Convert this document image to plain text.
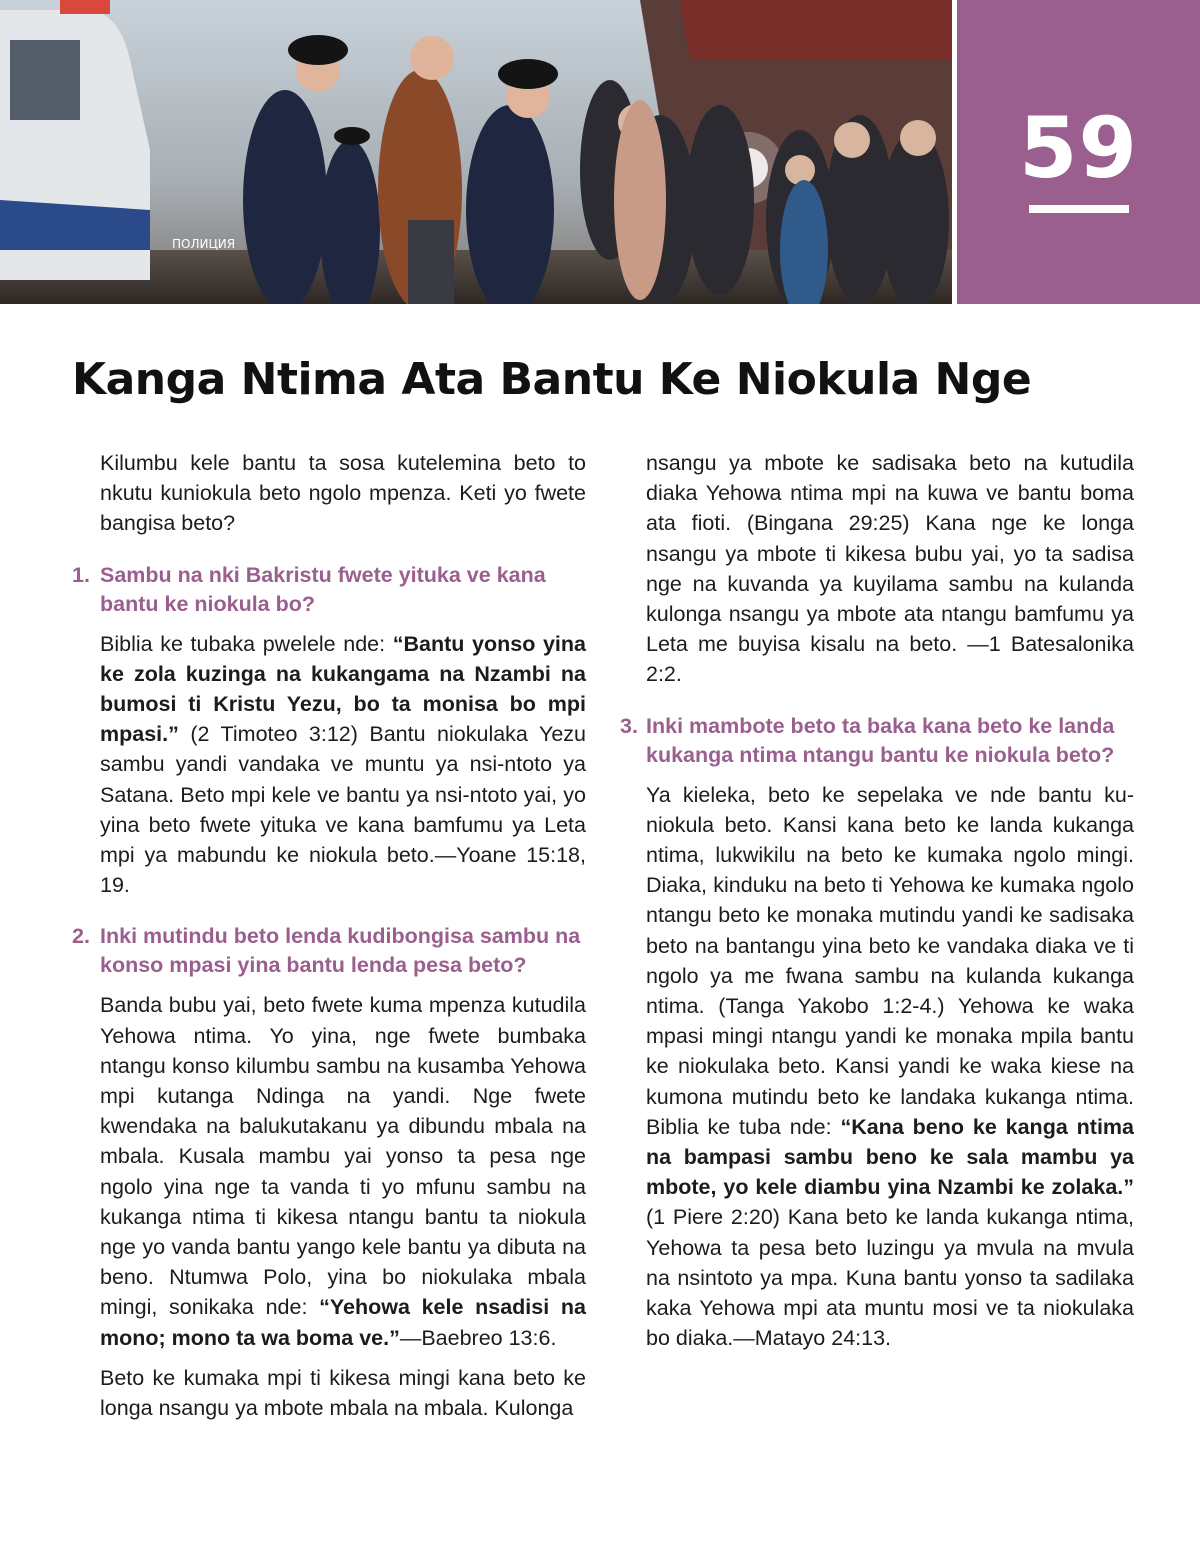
ПОЛИЦИЯ
59
Kanga Ntima Ata Bantu Ke Niokula Nge

Kilumbu kele bantu ta sosa kutelemina beto to nkutu kuniokula beto ngolo mpenza. Keti yo fwete bangisa beto?

1. Sambu na nki Bakristu fwete yituka ve kana bantu ke niokula bo?

Biblia ke tubaka pwelele nde: “Bantu yonso yina ke zola kuzinga na kukangama na Nzambi na bumosi ti Kristu Yezu, bo ta monisa bo mpi mpasi.” (2 Timoteo 3:12) Bantu niokulaka Yezu sambu yandi vandaka ve muntu ya nsi-ntoto ya Satana. Beto mpi kele ve bantu ya nsi-ntoto yai, yo yina beto fwete yituka ve kana bamfumu ya Leta mpi ya mabundu ke niokula beto.—Yoane 15:18, 19.

2. Inki mutindu beto lenda kudibongisa sambu na konso mpasi yina bantu lenda pesa beto?

Banda bubu yai, beto fwete kuma mpenza kutudila Yehowa ntima. Yo yina, nge fwete bumbaka ntangu konso kilumbu sambu na kusamba Yehowa mpi kutanga Ndinga na yandi. Nge fwete kwendaka na balukutakanu ya dibundu mbala na mbala. Kusala mambu yai yonso ta pesa nge ngolo yina nge ta vanda ti yo mfunu sambu na kukanga ntima ti kikesa ntangu bantu ta niokula nge yo vanda bantu yango kele bantu ya dibuta na beno. Ntumwa Polo, yina bo niokulaka mbala mingi, sonikaka nde: “Yehowa kele nsadisi na mono; mono ta wa boma ve.”—Baebreo 13:6.

Beto ke kumaka mpi ti kikesa mingi kana beto ke longa nsangu ya mbote mbala na mbala. Kulonga

nsangu ya mbote ke sadisaka beto na kutudila diaka Yehowa ntima mpi na kuwa ve bantu boma ata fioti. (Bingana 29:25) Kana nge ke longa nsangu ya mbote ti kikesa bubu yai, yo ta sadisa nge na kuvanda ya kuyilama sambu na kulanda kulonga nsangu ya mbote ata ntangu bamfumu ya Leta me buyisa kisalu na beto. —1 Batesalonika 2:2.

3. Inki mambote beto ta baka kana beto ke landa kukanga ntima ntangu bantu ke niokula beto?

Ya kieleka, beto ke sepelaka ve nde bantu kuniokula beto. Kansi kana beto ke landa kukanga ntima, lukwikilu na beto ke kumaka ngolo mingi. Diaka, kinduku na beto ti Yehowa ke kumaka ngolo ntangu beto ke monaka mutindu yandi ke sadisaka beto na bantangu yina beto ke vandaka diaka ve ti ngolo ya me fwana sambu na kulanda kukanga ntima. (Tanga Yakobo 1:2-4.) Yehowa ke waka mpasi mingi ntangu yandi ke monaka mpila bantu ke niokulaka beto. Kansi yandi ke waka kiese na kumona mutindu beto ke landaka kukanga ntima. Biblia ke tuba nde: “Kana beno ke kanga ntima na bampasi sambu beno ke sala mambu ya mbote, yo kele diambu yina Nzambi ke zolaka.” (1 Piere 2:20) Kana beto ke landa kukanga ntima, Yehowa ta pesa beto luzingu ya mvula na mvula na nsintoto ya mpa. Kuna bantu yonso ta sadilaka kaka Yehowa mpi ata muntu mosi ve ta niokulaka bo diaka.—Matayo 24:13.
